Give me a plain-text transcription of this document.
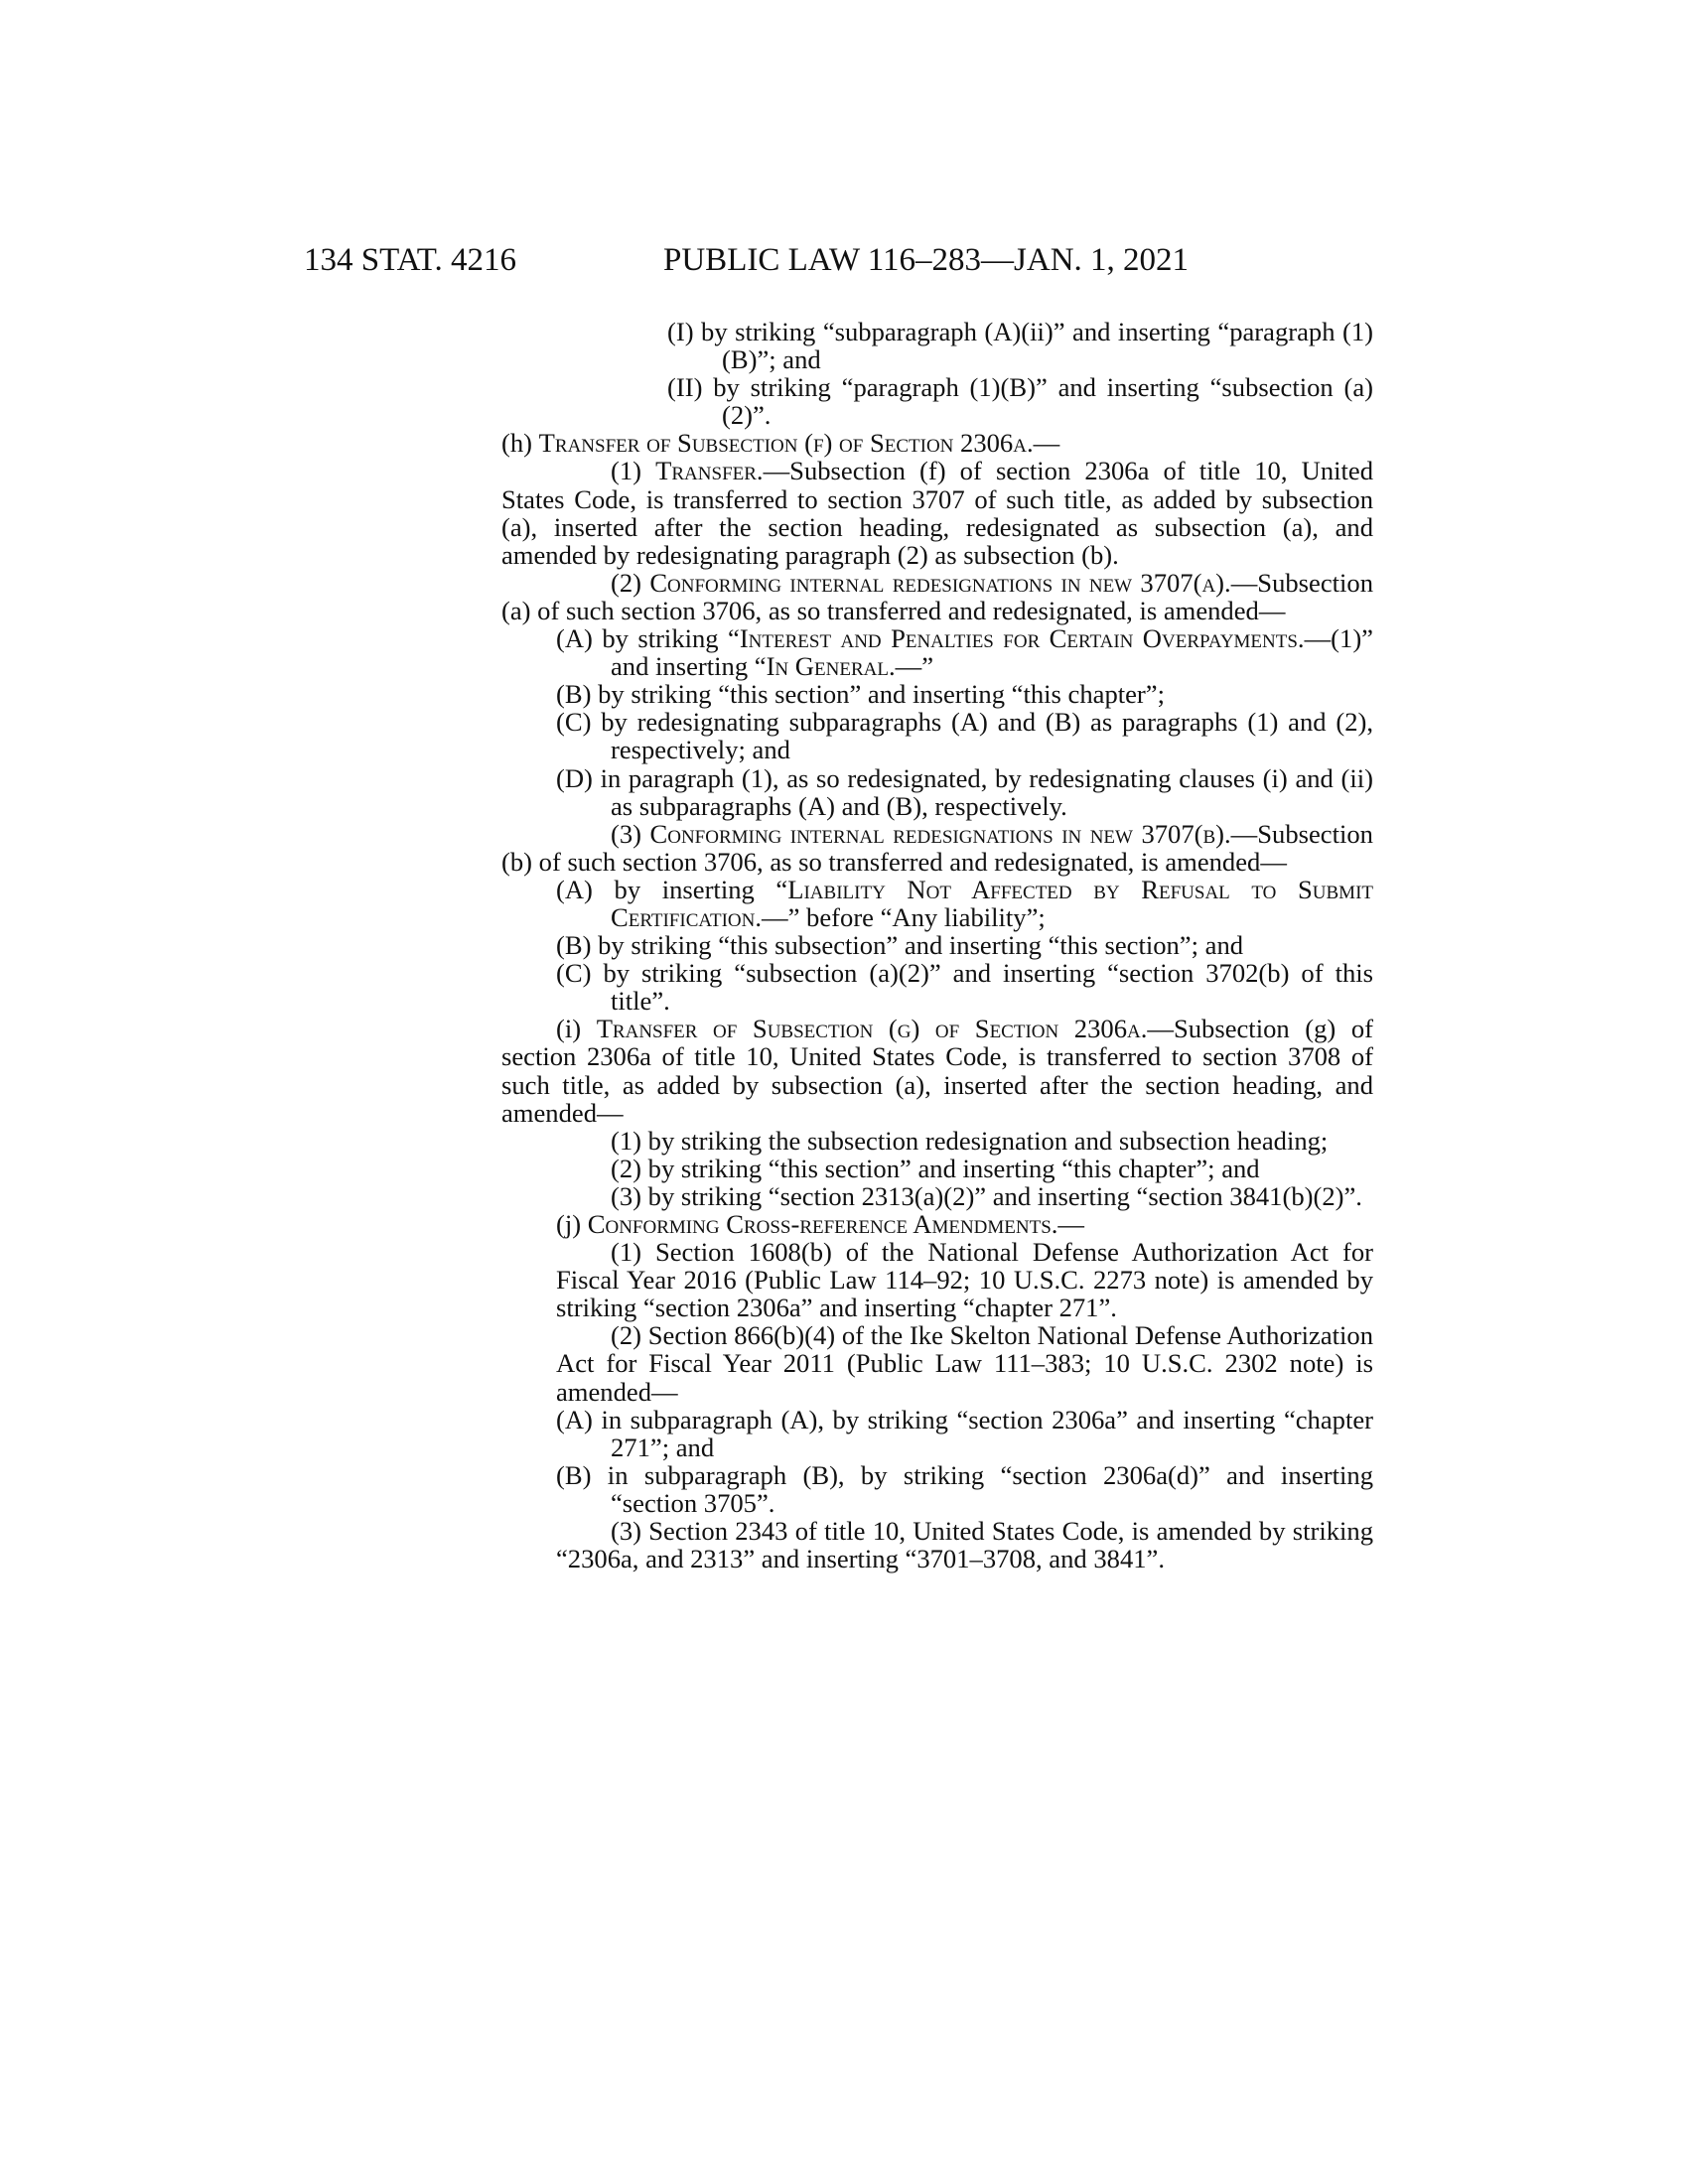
134 STAT. 4216	PUBLIC LAW 116–283—JAN. 1, 2021

(I) by striking “subparagraph (A)(ii)” and inserting “paragraph (1)(B)”; and

(II) by striking “paragraph (1)(B)” and inserting “subsection (a)(2)”.

(h) Transfer of Subsection (f) of Section 2306a.—

(1) Transfer.—Subsection (f) of section 2306a of title 10, United States Code, is transferred to section 3707 of such title, as added by subsection (a), inserted after the section heading, redesignated as subsection (a), and amended by redesignating paragraph (2) as subsection (b).

(2) Conforming internal redesignations in new 3707(a).—Subsection (a) of such section 3706, as so transferred and redesignated, is amended—

(A) by striking “Interest and Penalties for Certain Overpayments.—(1)” and inserting “In General.—”

(B) by striking “this section” and inserting “this chapter”;

(C) by redesignating subparagraphs (A) and (B) as paragraphs (1) and (2), respectively; and

(D) in paragraph (1), as so redesignated, by redesignating clauses (i) and (ii) as subparagraphs (A) and (B), respectively.

(3) Conforming internal redesignations in new 3707(b).—Subsection (b) of such section 3706, as so transferred and redesignated, is amended—

(A) by inserting “Liability Not Affected by Refusal to Submit Certification.—” before “Any liability”;

(B) by striking “this subsection” and inserting “this section”; and

(C) by striking “subsection (a)(2)” and inserting “section 3702(b) of this title”.

(i) Transfer of Subsection (g) of Section 2306a.—Subsection (g) of section 2306a of title 10, United States Code, is transferred to section 3708 of such title, as added by subsection (a), inserted after the section heading, and amended—

(1) by striking the subsection redesignation and subsection heading;

(2) by striking “this section” and inserting “this chapter”; and

(3) by striking “section 2313(a)(2)” and inserting “section 3841(b)(2)”.

(j) Conforming Cross-reference Amendments.—

(1) Section 1608(b) of the National Defense Authorization Act for Fiscal Year 2016 (Public Law 114–92; 10 U.S.C. 2273 note) is amended by striking “section 2306a” and inserting “chapter 271”.

(2) Section 866(b)(4) of the Ike Skelton National Defense Authorization Act for Fiscal Year 2011 (Public Law 111–383; 10 U.S.C. 2302 note) is amended—

(A) in subparagraph (A), by striking “section 2306a” and inserting “chapter 271”; and

(B) in subparagraph (B), by striking “section 2306a(d)” and inserting “section 3705”.

(3) Section 2343 of title 10, United States Code, is amended by striking “2306a, and 2313” and inserting “3701–3708, and 3841”.
